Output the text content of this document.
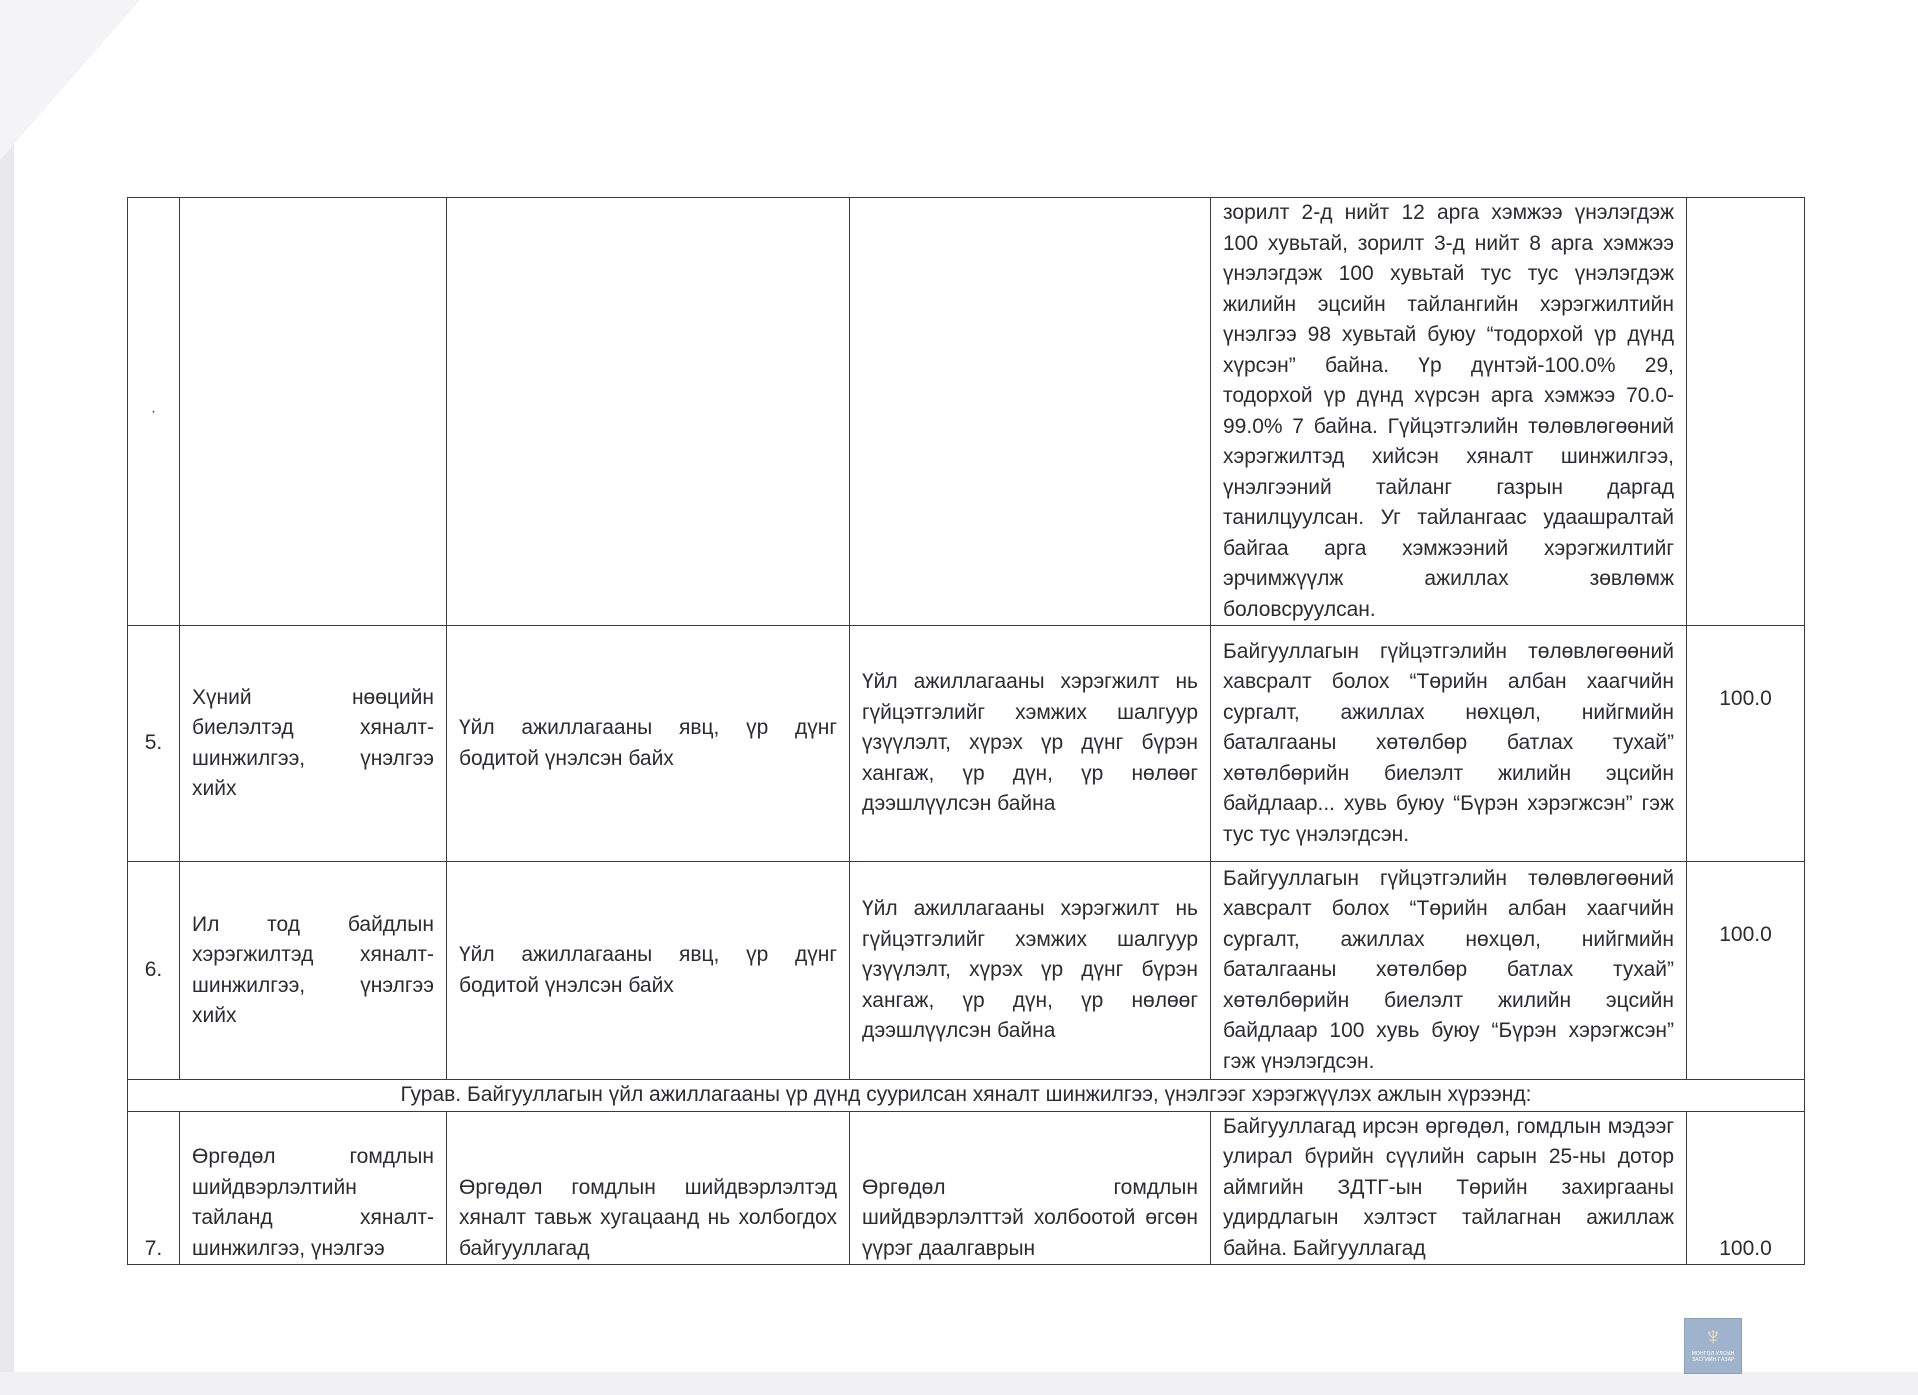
·				зорилт 2-д нийт 12 арга хэмжээ үнэлэгдэж 100 хувьтай, зорилт 3-д нийт 8 арга хэмжээ үнэлэгдэж 100 хувьтай тус тус үнэлэгдэж жилийн эцсийн тайлангийн хэрэгжилтийн үнэлгээ 98 хувьтай буюу “тодорхой үр дүнд хүрсэн” байна. Үр дүнтэй-100.0% 29, тодорхой үр дүнд хүрсэн арга хэмжээ 70.0-99.0% 7 байна. Гүйцэтгэлийн төлөвлөгөөний хэрэгжилтэд хийсэн хяналт шинжилгээ, үнэлгээний тайланг газрын даргад танилцуулсан. Уг тайлангаас удаашралтай байгаа арга хэмжээний хэрэгжилтийг эрчимжүүлж ажиллах зөвлөмж боловсруулсан.	
5.	Хүний нөөцийн биелэлтэд хяналт-шинжилгээ, үнэлгээ хийх	Үйл ажиллагааны явц, үр дүнг бодитой үнэлсэн байх	Үйл ажиллагааны хэрэгжилт нь гүйцэтгэлийг хэмжих шалгуур үзүүлэлт, хүрэх үр дүнг бүрэн хангаж, үр дүн, үр нөлөөг дээшлүүлсэн байна	Байгууллагын гүйцэтгэлийн төлөвлөгөөний хавсралт болох “Төрийн албан хаагчийн сургалт, ажиллах нөхцөл, нийгмийн баталгааны хөтөлбөр батлах тухай” хөтөлбөрийн биелэлт жилийн эцсийн байдлаар... хувь буюу “Бүрэн хэрэгжсэн” гэж тус тус үнэлэгдсэн.	100.0
6.	Ил тод байдлын хэрэгжилтэд хяналт-шинжилгээ, үнэлгээ хийх	Үйл ажиллагааны явц, үр дүнг бодитой үнэлсэн байх	Үйл ажиллагааны хэрэгжилт нь гүйцэтгэлийг хэмжих шалгуур үзүүлэлт, хүрэх үр дүнг бүрэн хангаж, үр дүн, үр нөлөөг дээшлүүлсэн байна	Байгууллагын гүйцэтгэлийн төлөвлөгөөний хавсралт болох “Төрийн албан хаагчийн сургалт, ажиллах нөхцөл, нийгмийн баталгааны хөтөлбөр батлах тухай” хөтөлбөрийн биелэлт жилийн эцсийн байдлаар 100 хувь буюу “Бүрэн хэрэгжсэн” гэж үнэлэгдсэн.	100.0
Гурав. Байгууллагын үйл ажиллагааны үр дүнд суурилсан хяналт шинжилгээ, үнэлгээг хэрэгжүүлэх ажлын хүрээнд:					
7.	Өргөдөл гомдлын шийдвэрлэлтийн тайланд хяналт-шинжилгээ, үнэлгээ	Өргөдөл гомдлын шийдвэрлэлтэд хяналт тавьж хугацаанд нь холбогдох байгууллагад	Өргөдөл гомдлын шийдвэрлэлттэй холбоотой өгсөн үүрэг даалгаврын	Байгууллагад ирсэн өргөдөл, гомдлын мэдээг улирал бүрийн сүүлийн сарын 25-ны дотор аймгийн ЗДТГ-ын Төрийн захиргааны удирдлагын хэлтэст тайлагнан ажиллаж байна. Байгууллагад	100.0
♆
МОНГОЛ УЛСЫН ЗАСГИЙН ГАЗАР
